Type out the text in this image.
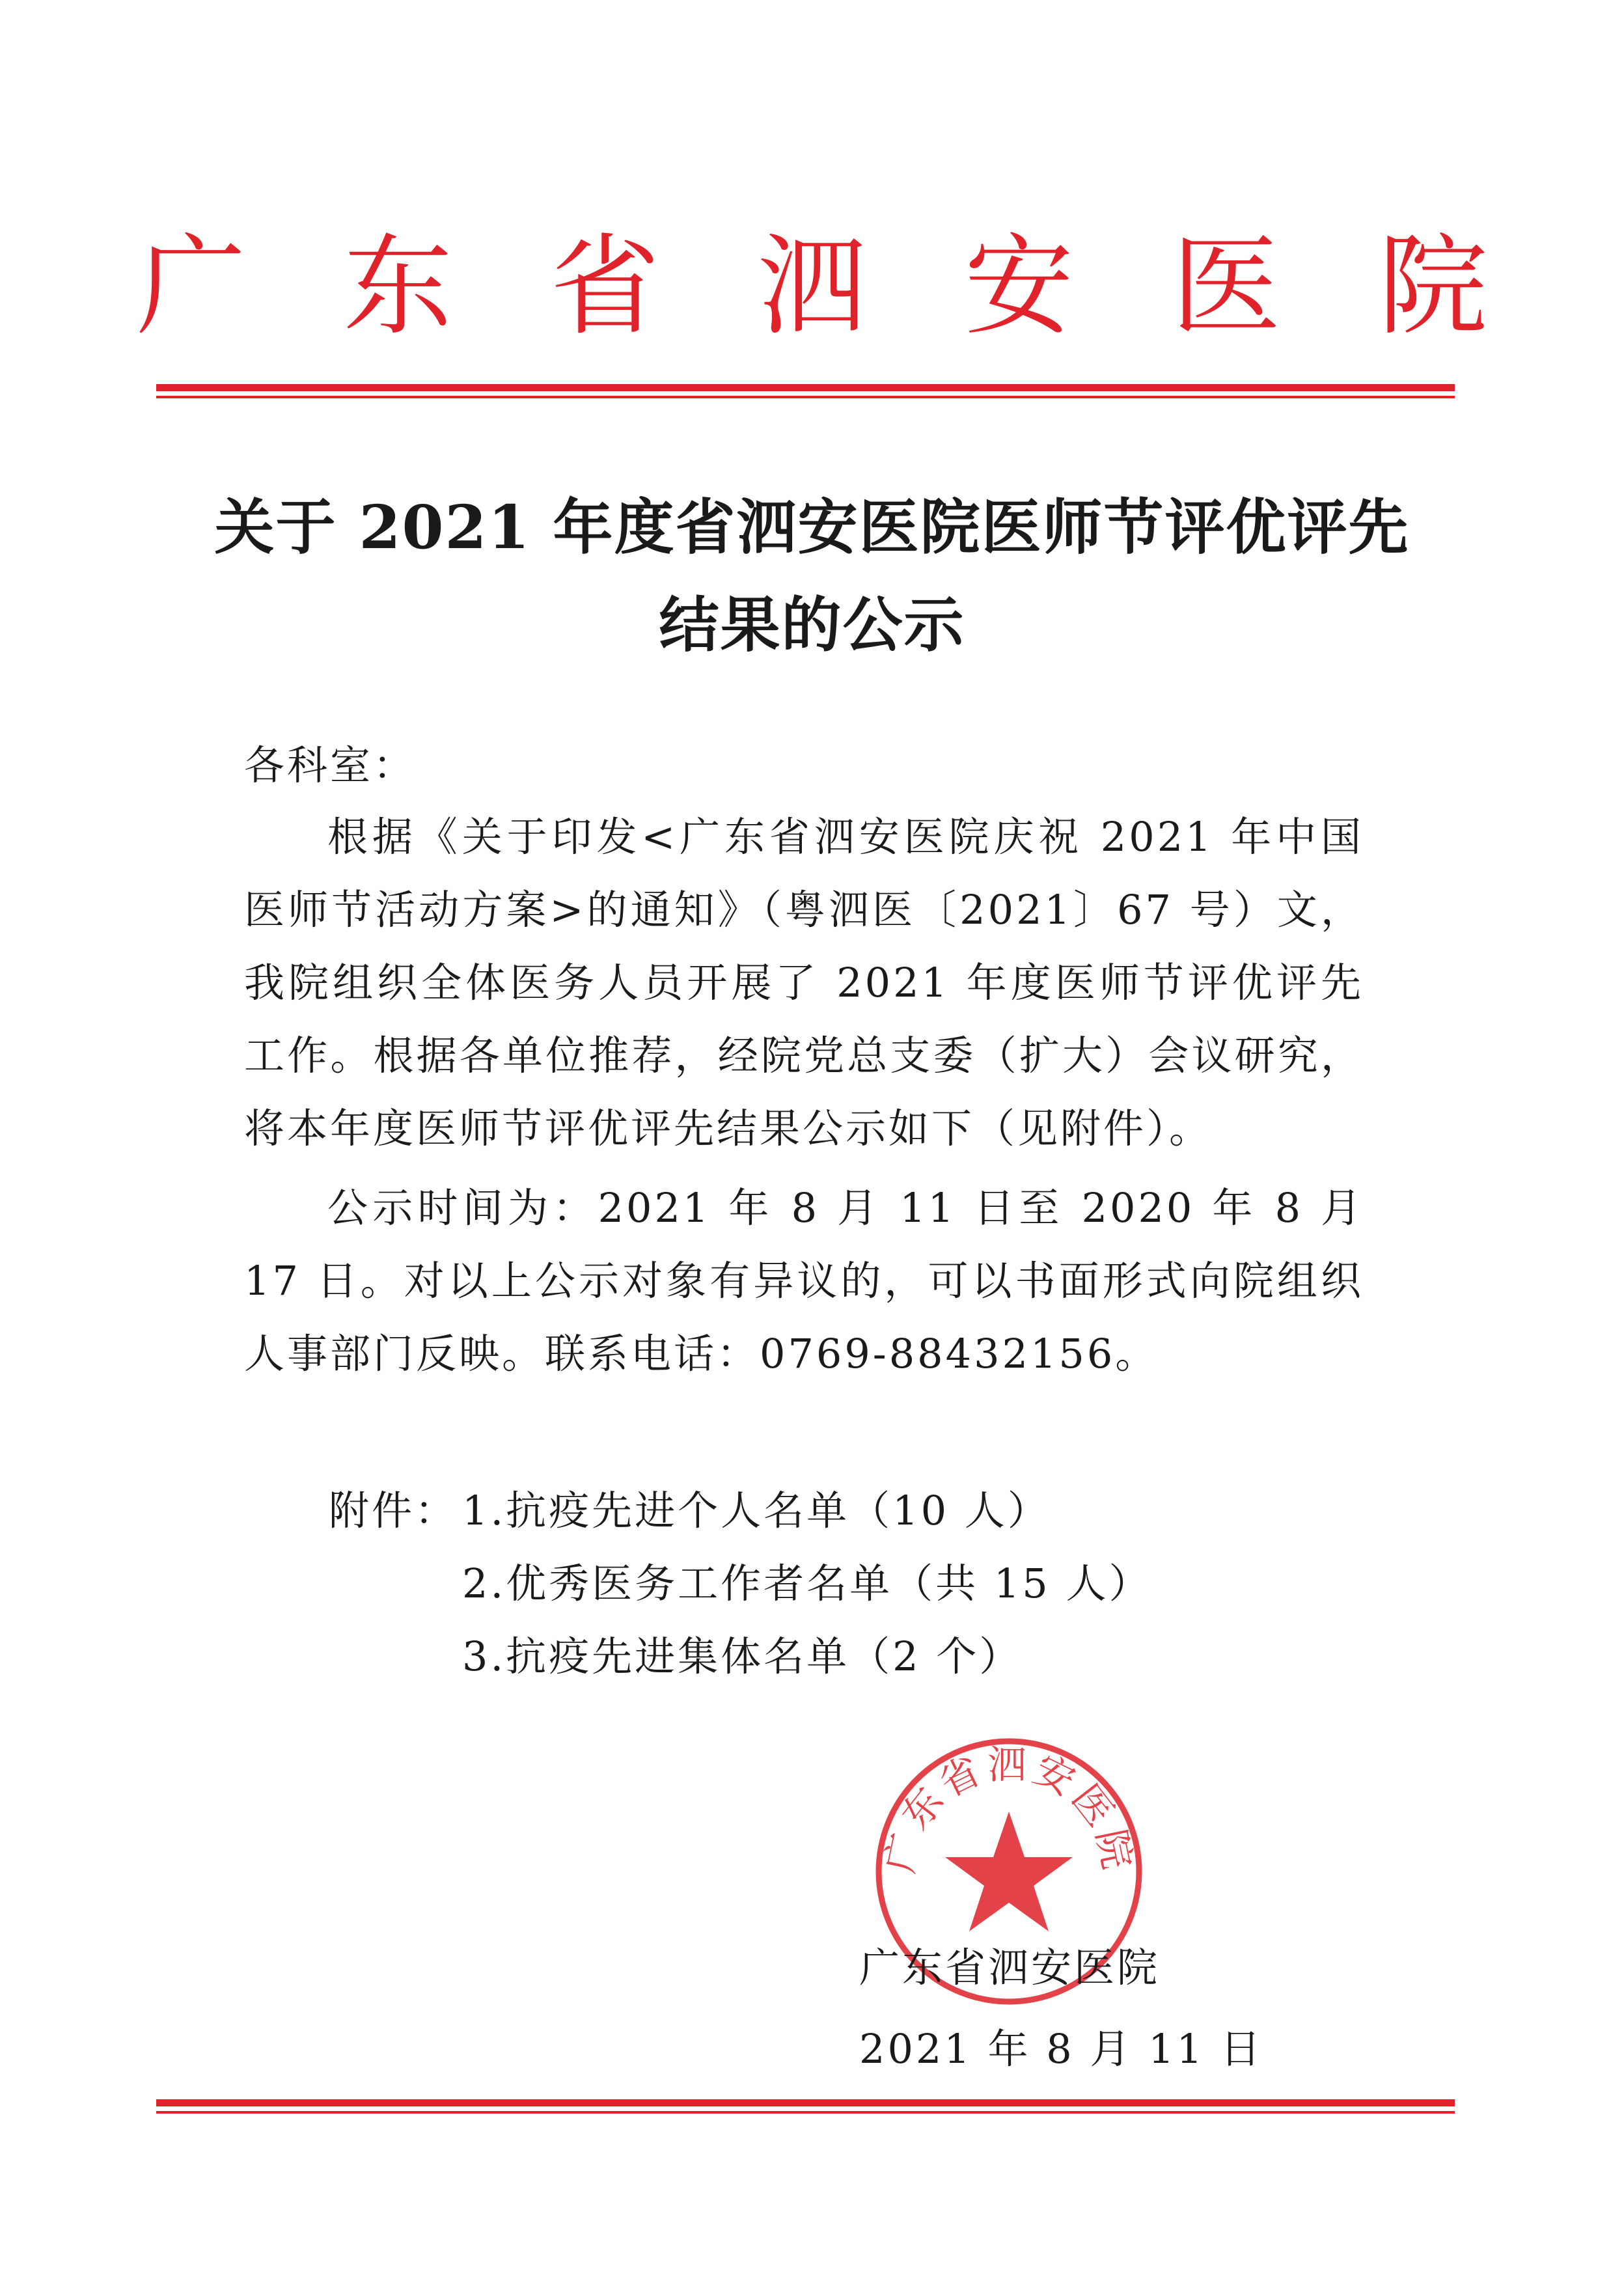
广 东 省 泗 安 医 院
关于 2021 年度省泗安医院医师节评优评先
结果的公示
各科室：
根据《关于印发<广东省泗安医院庆祝 2021 年中国医师节活动方案>的通知》（粤泗医〔2021〕67 号）文，我院组织全体医务人员开展了 2021 年度医师节评优评先工作。根据各单位推荐，经院党总支委（扩大）会议研究，将本年度医师节评优评先结果公示如下（见附件）。
公示时间为：2021 年 8 月 11 日至 2020 年 8 月 17 日。对以上公示对象有异议的，可以书面形式向院组织人事部门反映。联系电话：0769-88432156。
附件： 1.抗疫先进个人名单（10 人）
2.优秀医务工作者名单（共 15 人）
3.抗疫先进集体名单（2 个）
广东省泗安医院
广东省泗安医院
2021 年 8 月 11 日
